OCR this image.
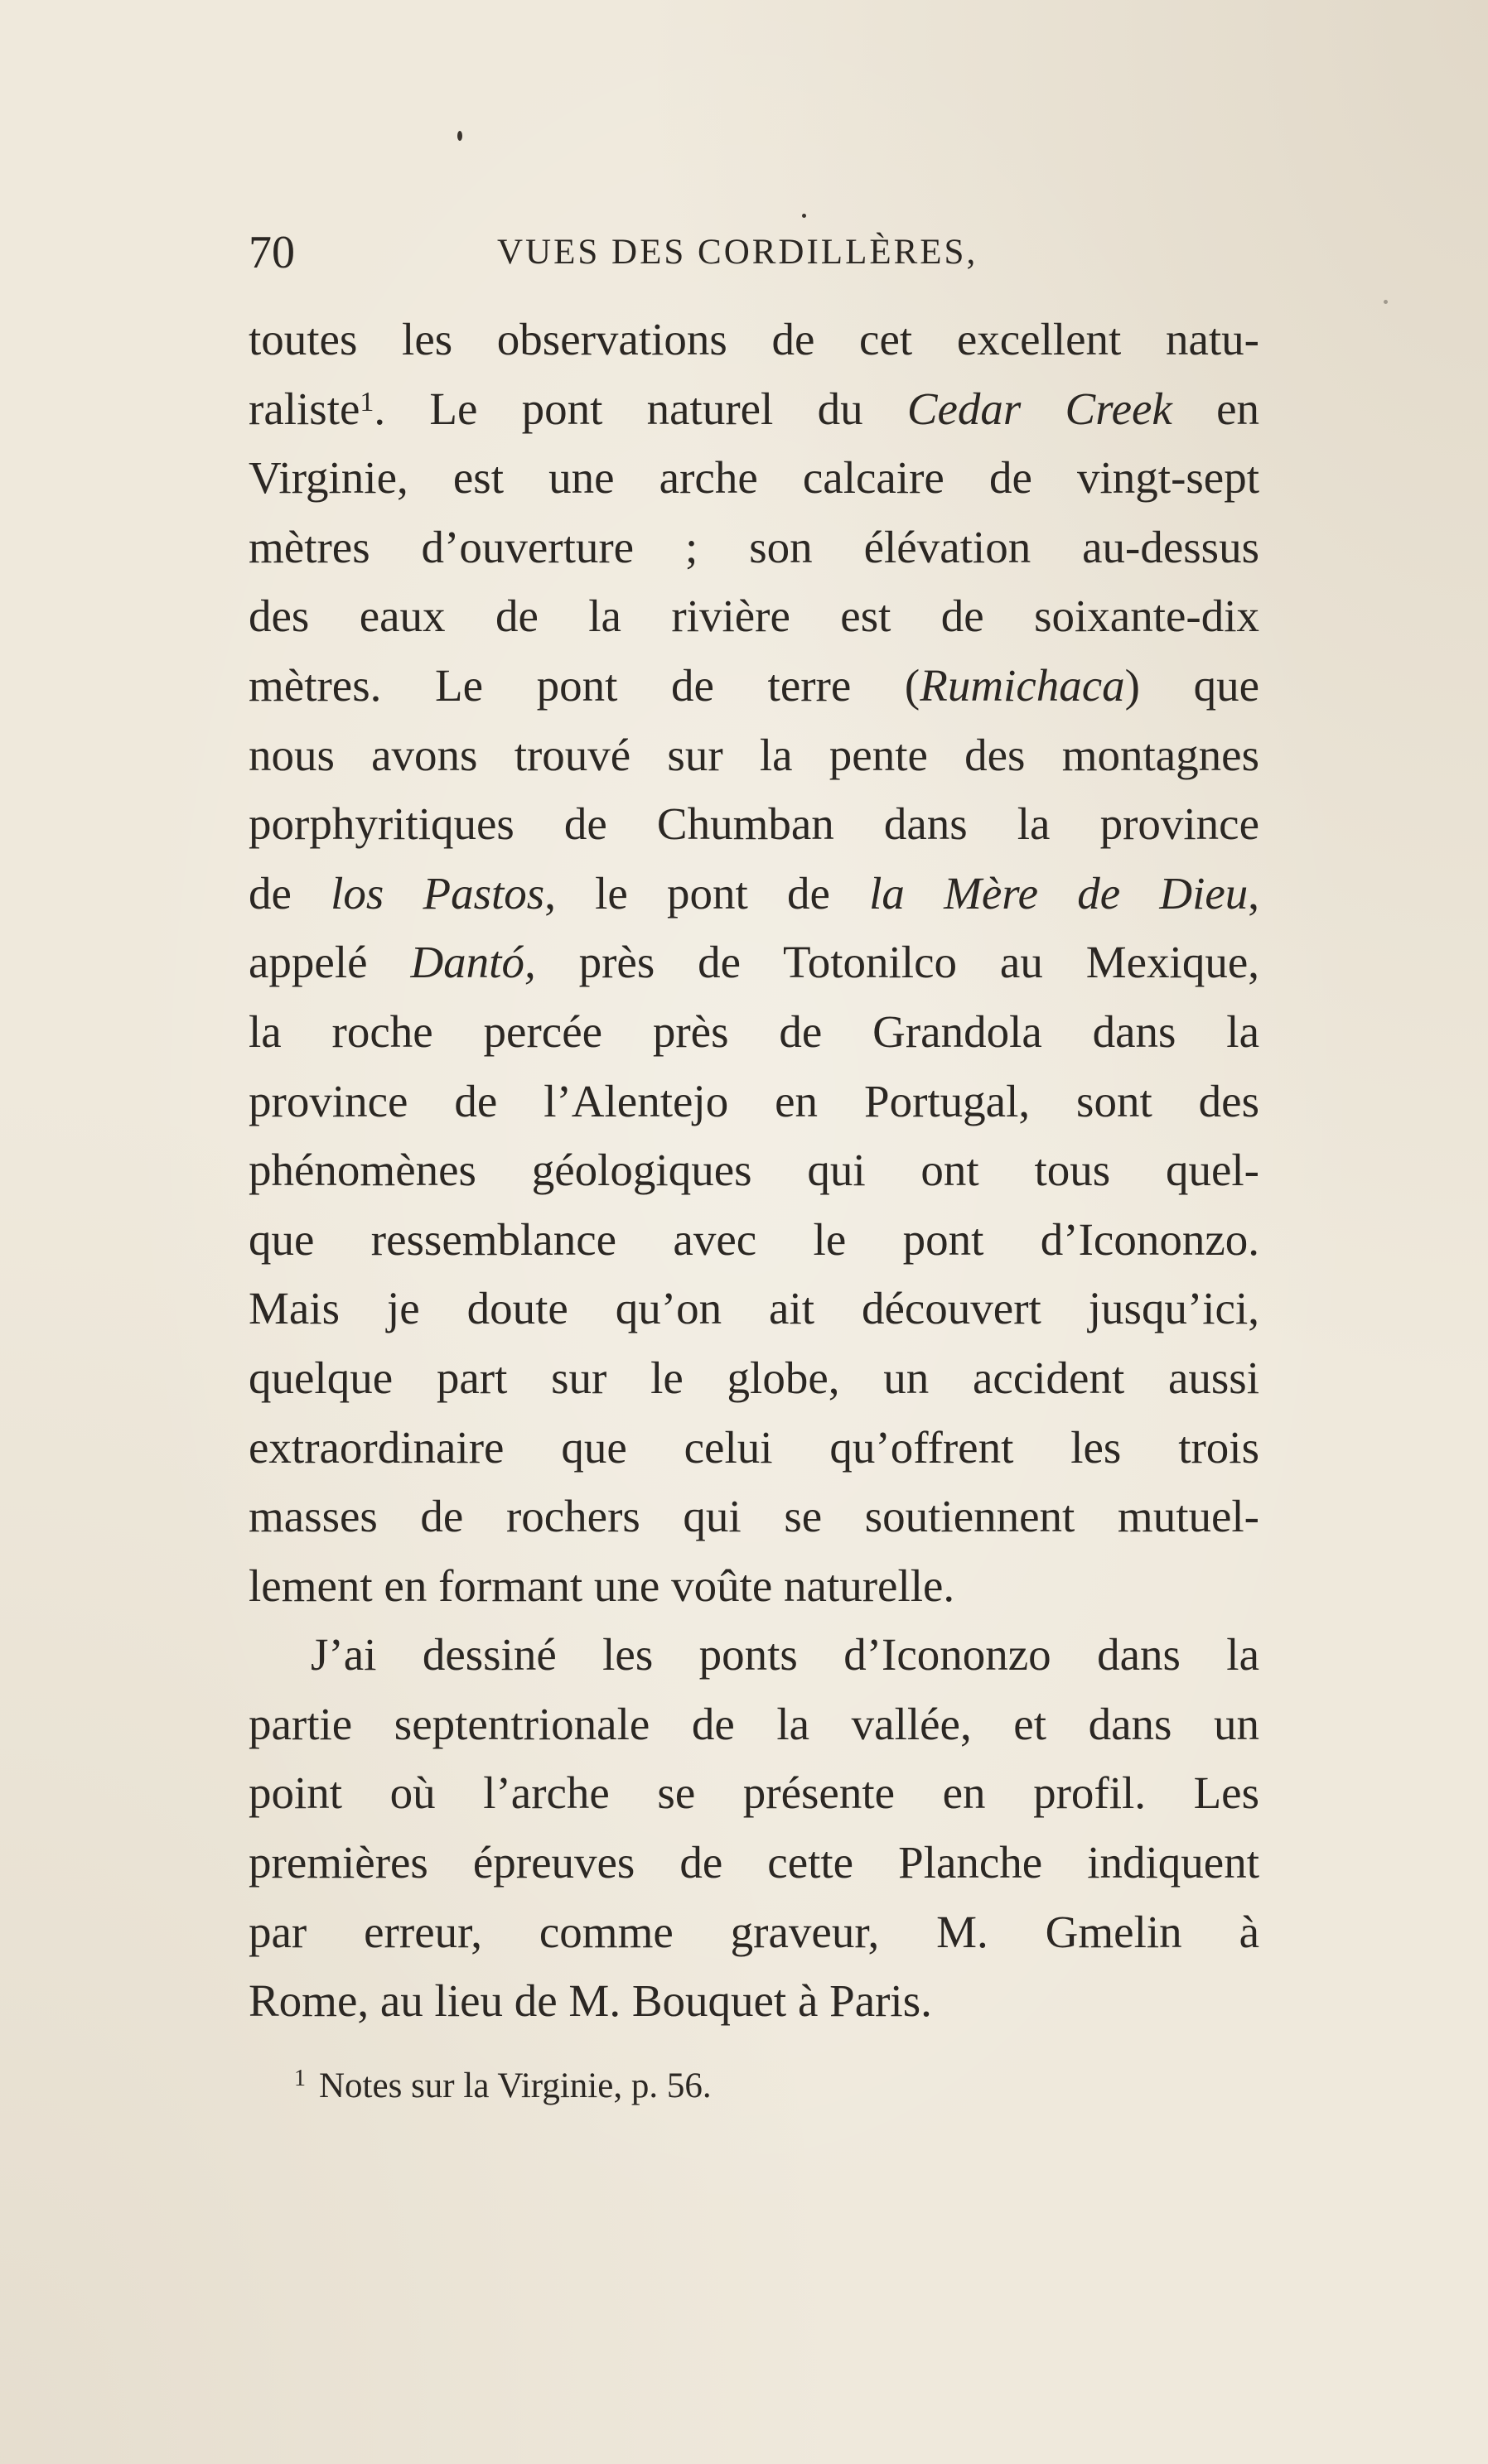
70	VUES DES CORDILLÈRES,
toutes les observations de cet excellent natu-
raliste$^1$. Le pont naturel du Cedar Creek en
Virginie, est une arche calcaire de vingt-sept
mètres d’ouverture ; son élévation au-dessus
des eaux de la rivière est de soixante-dix
mètres. Le pont de terre (Rumichaca) que
nous avons trouvé sur la pente des montagnes
porphyritiques de Chumban dans la province
de los Pastos, le pont de la Mère de Dieu,
appelé Dantó, près de Totonilco au Mexique,
la roche percée près de Grandola dans la
province de l’Alentejo en Portugal, sont des
phénomènes géologiques qui ont tous quel-
que ressemblance avec le pont d’Icononzo.
Mais je doute qu’on ait découvert jusqu’ici,
quelque part sur le globe, un accident aussi
extraordinaire que celui qu’offrent les trois
masses de rochers qui se soutiennent mutuel-
lement en formant une voûte naturelle.
J’ai dessiné les ponts d’Icononzo dans la
partie septentrionale de la vallée, et dans un
point où l’arche se présente en profil. Les
premières épreuves de cette Planche indiquent
par erreur, comme graveur, M. Gmelin à
Rome, au lieu de M. Bouquet à Paris.
$^1$ Notes sur la Virginie, p. 56.
